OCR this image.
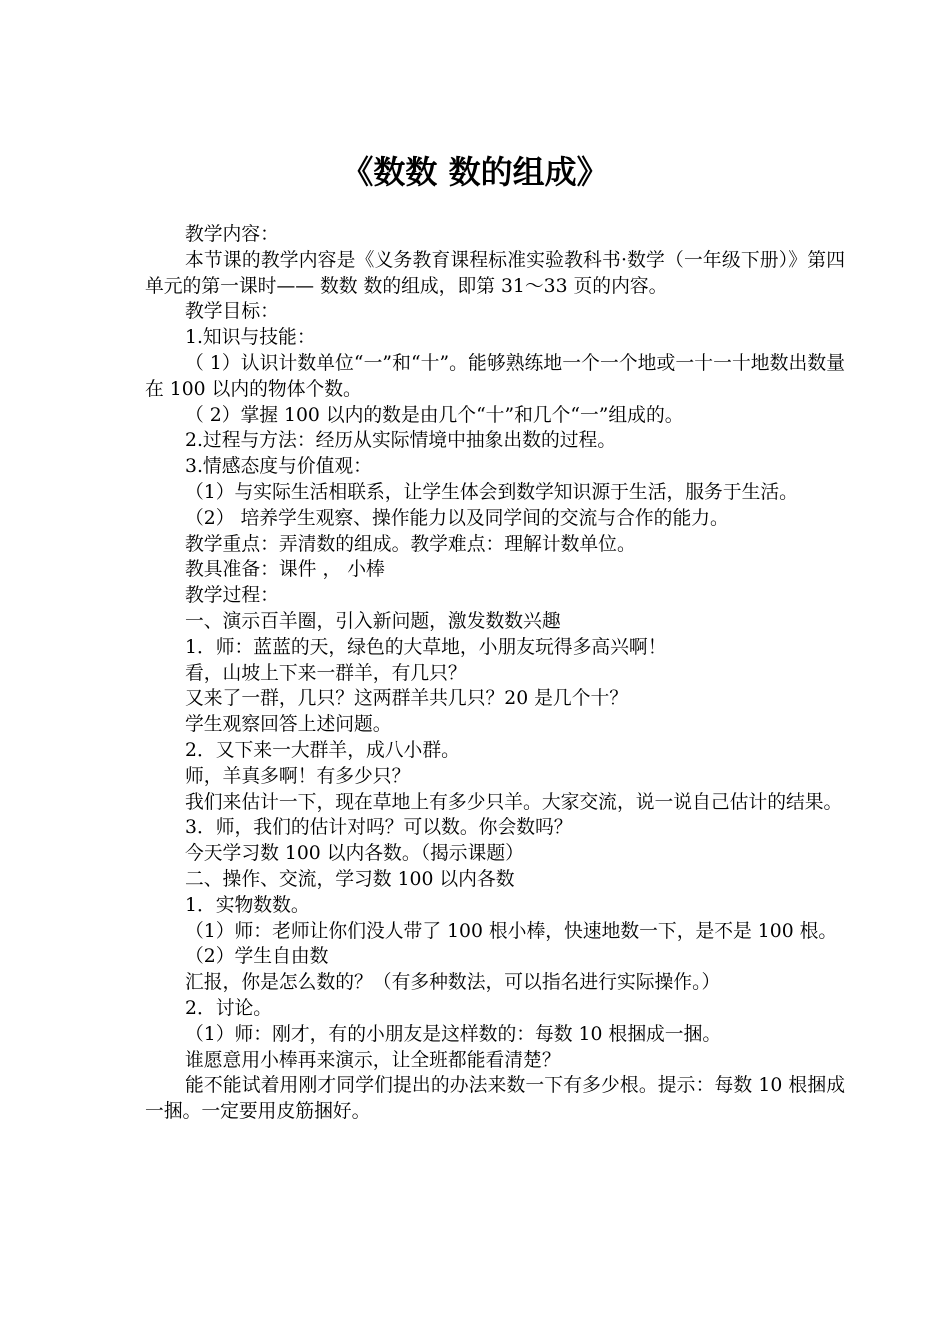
《数数 数的组成》

教学内容：

本节课的教学内容是《义务教育课程标准实验教科书·数学（一年级下册）》第四单元的第一课时—— 数数 数的组成，即第 31～33 页的内容。

教学目标：

1.知识与技能：

（ 1）认识计数单位“一”和“十”。能够熟练地一个一个地或一十一十地数出数量在 100 以内的物体个数。

（ 2）掌握 100 以内的数是由几个“十”和几个“一”组成的。

2.过程与方法：经历从实际情境中抽象出数的过程。

3.情感态度与价值观：

（1）与实际生活相联系，让学生体会到数学知识源于生活，服务于生活。

（2） 培养学生观察、操作能力以及同学间的交流与合作的能力。

教学重点：弄清数的组成。教学难点：理解计数单位。

教具准备：课件 ， 小棒

教学过程：

一、演示百羊圈，引入新问题，激发数数兴趣

1．师：蓝蓝的天，绿色的大草地，小朋友玩得多高兴啊！

看，山坡上下来一群羊，有几只？

又来了一群，几只？这两群羊共几只？20 是几个十？

学生观察回答上述问题。

2．又下来一大群羊，成八小群。

师，羊真多啊！有多少只？

我们来估计一下，现在草地上有多少只羊。大家交流，说一说自己估计的结果。

3．师，我们的估计对吗？可以数。你会数吗？

今天学习数 100 以内各数。（揭示课题）

二、操作、交流，学习数 100 以内各数

1．实物数数。

（1）师：老师让你们没人带了 100 根小棒，快速地数一下，是不是 100 根。

（2）学生自由数

汇报，你是怎么数的？（有多种数法，可以指名进行实际操作。）

2．讨论。

（1）师：刚才，有的小朋友是这样数的：每数 10 根捆成一捆。

谁愿意用小棒再来演示，让全班都能看清楚？

能不能试着用刚才同学们提出的办法来数一下有多少根。提示：每数 10 根捆成一捆。一定要用皮筋捆好。
